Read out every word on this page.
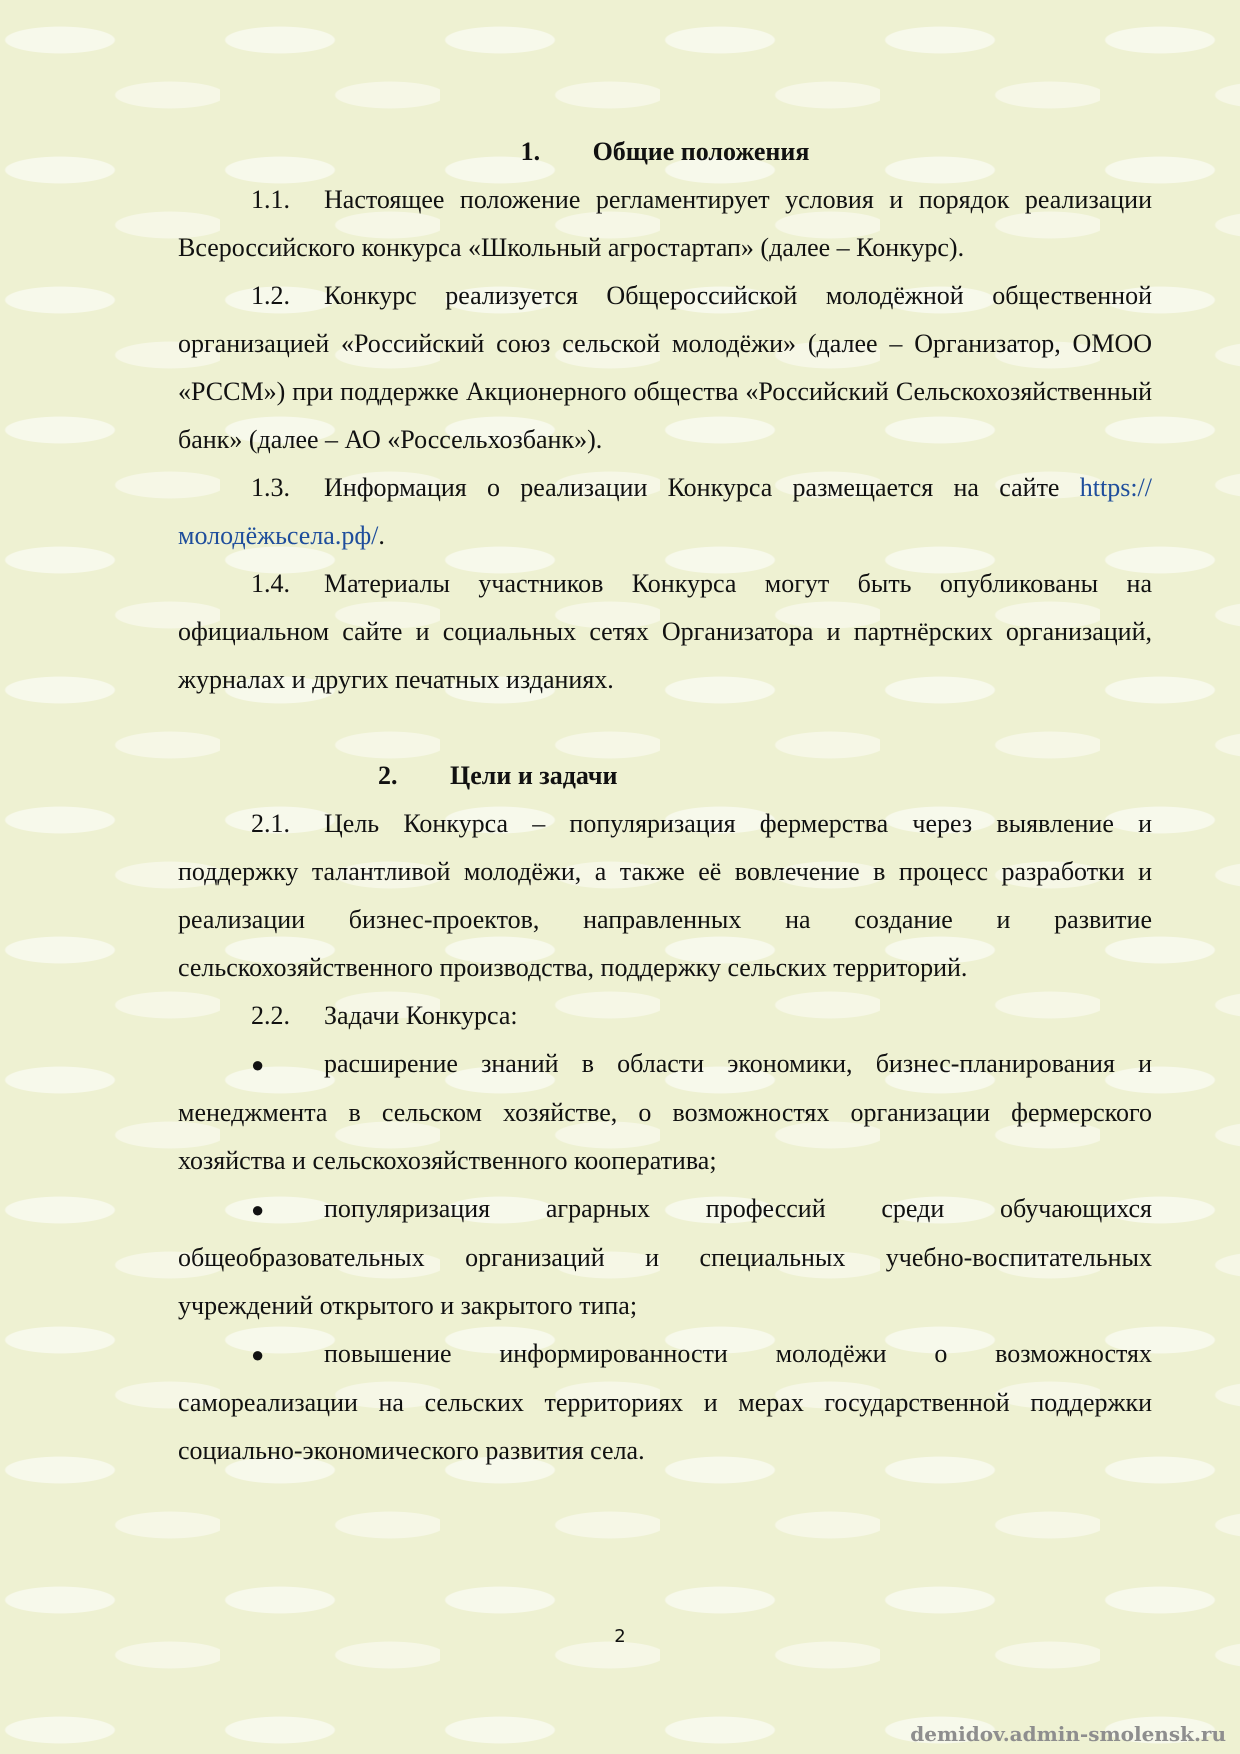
1. Общие положения

1.1. Настоящее положение регламентирует условия и порядок реализации Всероссийского конкурса «Школьный агростартап» (далее – Конкурс).

1.2. Конкурс реализуется Общероссийской молодёжной общественной организацией «Российский союз сельской молодёжи» (далее – Организатор, ОМОО «РССМ») при поддержке Акционерного общества «Российский Сельскохозяйственный банк» (далее – АО «Россельхозбанк»).

1.3. Информация о реализации Конкурса размещается на сайте https://молодёжьсела.рф/.

1.4. Материалы участников Конкурса могут быть опубликованы на официальном сайте и социальных сетях Организатора и партнёрских организаций, журналах и других печатных изданиях.

2. Цели и задачи

2.1. Цель Конкурса – популяризация фермерства через выявление и поддержку талантливой молодёжи, а также её вовлечение в процесс разработки и реализации бизнес-проектов, направленных на создание и развитие сельскохозяйственного производства, поддержку сельских территорий.

2.2. Задачи Конкурса:

● расширение знаний в области экономики, бизнес-планирования и менеджмента в сельском хозяйстве, о возможностях организации фермерского хозяйства и сельскохозяйственного кооператива;

● популяризация аграрных профессий среди обучающихся общеобразовательных организаций и специальных учебно-воспитательных учреждений открытого и закрытого типа;

● повышение информированности молодёжи о возможностях самореализации на сельских территориях и мерах государственной поддержки социально-экономического развития села.

2
demidov.admin-smolensk.ru
